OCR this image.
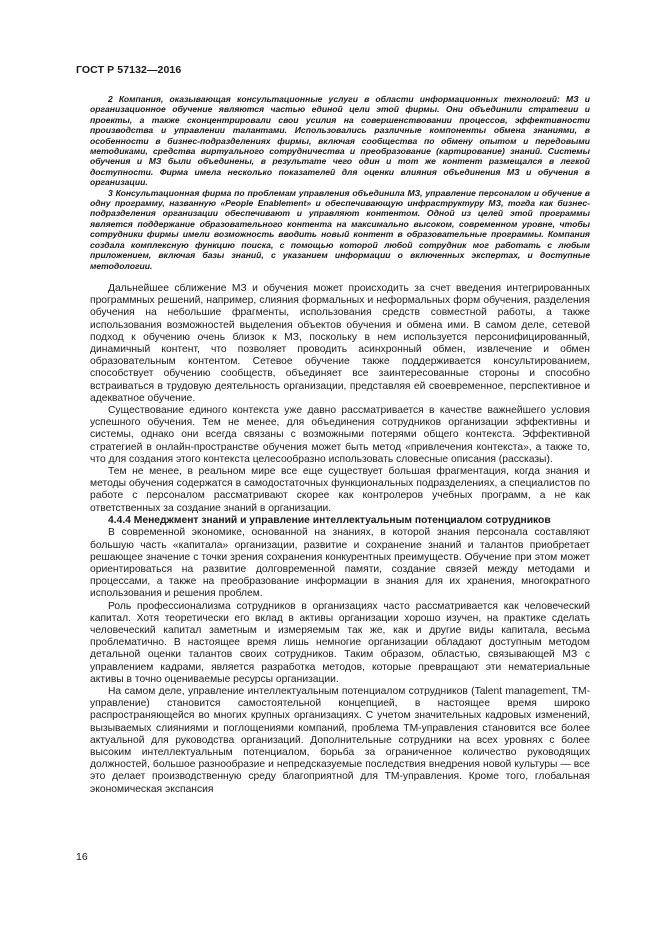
ГОСТ Р 57132—2016

2 Компания, оказывающая консультационные услуги в области информационных технологий: МЗ и организационное обучение являются частью единой цели этой фирмы. Они объединили стратегии и проекты, а также сконцентрировали свои усилия на совершенствовании процессов, эффективности производства и управлении талантами. Использовались различные компоненты обмена знаниями, в особенности в бизнес-подразделениях фирмы, включая сообщества по обмену опытом и передовыми методиками, средства виртуального сотрудничества и преобразование (картирование) знаний. Системы обучения и МЗ были объединены, в результате чего один и тот же контент размещался в легкой доступности. Фирма имела несколько показателей для оценки влияния объединения МЗ и обучения в организации.

3 Консультационная фирма по проблемам управления объединила МЗ, управление персоналом и обучение в одну программу, названную «People Enablement» и обеспечивающую инфраструктуру МЗ, тогда как бизнес-подразделения организации обеспечивают и управляют контентом. Одной из целей этой программы является поддержание образовательного контента на максимально высоком, современном уровне, чтобы сотрудники фирмы имели возможность вводить новый контент в образовательные программы. Компания создала комплексную функцию поиска, с помощью которой любой сотрудник мог работать с любым приложением, включая базы знаний, с указанием информации о включенных экспертах, и доступные методологии.

Дальнейшее сближение МЗ и обучения может происходить за счет введения интегрированных программных решений, например, слияния формальных и неформальных форм обучения, разделения обучения на небольшие фрагменты, использования средств совместной работы, а также использования возможностей выделения объектов обучения и обмена ими. В самом деле, сетевой подход к обучению очень близок к МЗ, поскольку в нем используется персонифицированный, динамичный контент, что позволяет проводить асинхронный обмен, извлечение и обмен образовательным контентом. Сетевое обучение также поддерживается консультированием, способствует обучению сообществ, объединяет все заинтересованные стороны и способно встраиваться в трудовую деятельность организации, представляя ей своевременное, перспективное и адекватное обучение.

Существование единого контекста уже давно рассматривается в качестве важнейшего условия успешного обучения. Тем не менее, для объединения сотрудников организации эффективны и системы, однако они всегда связаны с возможными потерями общего контекста. Эффективной стратегией в онлайн-пространстве обучения может быть метод «привлечения контекста», а также то, что для создания этого контекста целесообразно использовать словесные описания (рассказы).

Тем не менее, в реальном мире все еще существует большая фрагментация, когда знания и методы обучения содержатся в самодостаточных функциональных подразделениях, а специалистов по работе с персоналом рассматривают скорее как контролеров учебных программ, а не как ответственных за создание знаний в организации.

4.4.4 Менеджмент знаний и управление интеллектуальным потенциалом сотрудников

В современной экономике, основанной на знаниях, в которой знания персонала составляют большую часть «капитала» организации, развитие и сохранение знаний и талантов приобретает решающее значение с точки зрения сохранения конкурентных преимуществ. Обучение при этом может ориентироваться на развитие долговременной памяти, создание связей между методами и процессами, а также на преобразование информации в знания для их хранения, многократного использования и решения проблем.

Роль профессионализма сотрудников в организациях часто рассматривается как человеческий капитал. Хотя теоретически его вклад в активы организации хорошо изучен, на практике сделать человеческий капитал заметным и измеряемым так же, как и другие виды капитала, весьма проблематично. В настоящее время лишь немногие организации обладают доступным методом детальной оценки талантов своих сотрудников. Таким образом, областью, связывающей МЗ с управлением кадрами, является разработка методов, которые превращают эти нематериальные активы в точно оцениваемые ресурсы организации.

На самом деле, управление интеллектуальным потенциалом сотрудников (Talent management, ТМ-управление) становится самостоятельной концепцией, в настоящее время широко распространяющейся во многих крупных организациях. С учетом значительных кадровых изменений, вызываемых слияниями и поглощениями компаний, проблема ТМ-управления становится все более актуальной для руководства организаций. Дополнительные сотрудники на всех уровнях с более высоким интеллектуальным потенциалом, борьба за ограниченное количество руководящих должностей, большое разнообразие и непредсказуемые последствия внедрения новой культуры — все это делает производственную среду благоприятной для ТМ-управления. Кроме того, глобальная экономическая экспансия

16
